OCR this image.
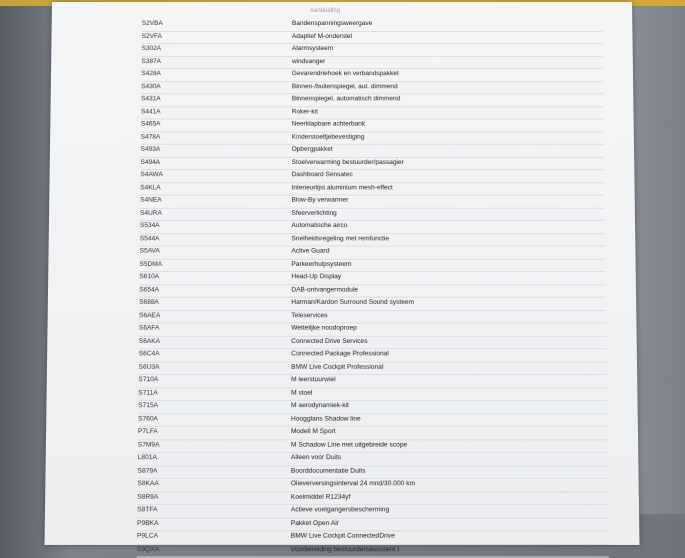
Aanduiding
S2VBA	Bandenspanningsweergave
S2VFA	Adaptief M-onderstel
S302A	Alarmsysteem
S387A	windvanger
S428A	Gevarendriehoek en verbandspakket
S430A	Binnen-/buitenspiegel, aut. dimmend
S431A	Binnenspiegel, automatisch dimmend
S441A	Roker-kit
S465A	Neerklapbare achterbank
S478A	Kinderstoeltjebevestiging
S493A	Opbergpakket
S494A	Stoelverwarming bestuurder/passagier
S4AWA	Dashboard Sensatec
S4KLA	Interieurlijst aluminium mesh-effect
S4NEA	Blow-By verwarmer
S4URA	Sfeerverlichting
S534A	Automatische airco
S544A	Snelheidsregeling met remfunctie
S5AVA	Active Guard
S5DMA	Parkeerhulpsysteem
S610A	Head-Up Display
S654A	DAB-ontvangermodule
S688A	Harman/Kardon Surround Sound systeem
S6AEA	Teleservices
S6AFA	Wettelijke noodoproep
S6AKA	Connected Drive Services
S6C4A	Connected Package Professional
S6U3A	BMW Live Cockpit Professional
S710A	M leerstuurwiel
S711A	M stoel
S715A	M aerodynamiek-kit
S760A	Hoogglans Shadow line
P7LFA	Modell M Sport
S7M9A	M Schadow Line met uitgebreide scope
L801A	Alleen voor Duits
S879A	Boorddocumentatie Duits
S8KAA	Olieverversingsinterval 24 mnd/30.000 km
S8R9A	Koelmiddel R1234yf
S8TFA	Actieve voetgangersbescherming
P9BKA	Pakket Open Air
P9LCA	BMW Live Cockpit ConnectedDrive
S9QXA	Voorbereiding bestuurdersassistent I
